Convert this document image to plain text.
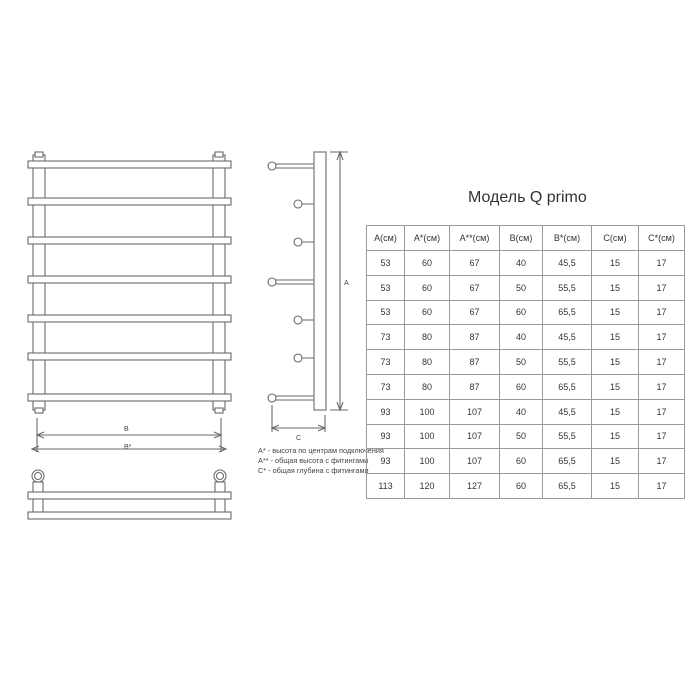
B
B*
A
C
A* - высота по центрам подключения
A** - общая высота с фитингами
C* - общая глубина с фитингами
Модель Q primo
A(см)	A*(см)	A**(см)	B(см)	B*(см)	C(см)	C*(см)
53	60	67	40	45,5	15	17
53	60	67	50	55,5	15	17
53	60	67	60	65,5	15	17
73	80	87	40	45,5	15	17
73	80	87	50	55,5	15	17
73	80	87	60	65,5	15	17
93	100	107	40	45,5	15	17
93	100	107	50	55,5	15	17
93	100	107	60	65,5	15	17
113	120	127	60	65,5	15	17
